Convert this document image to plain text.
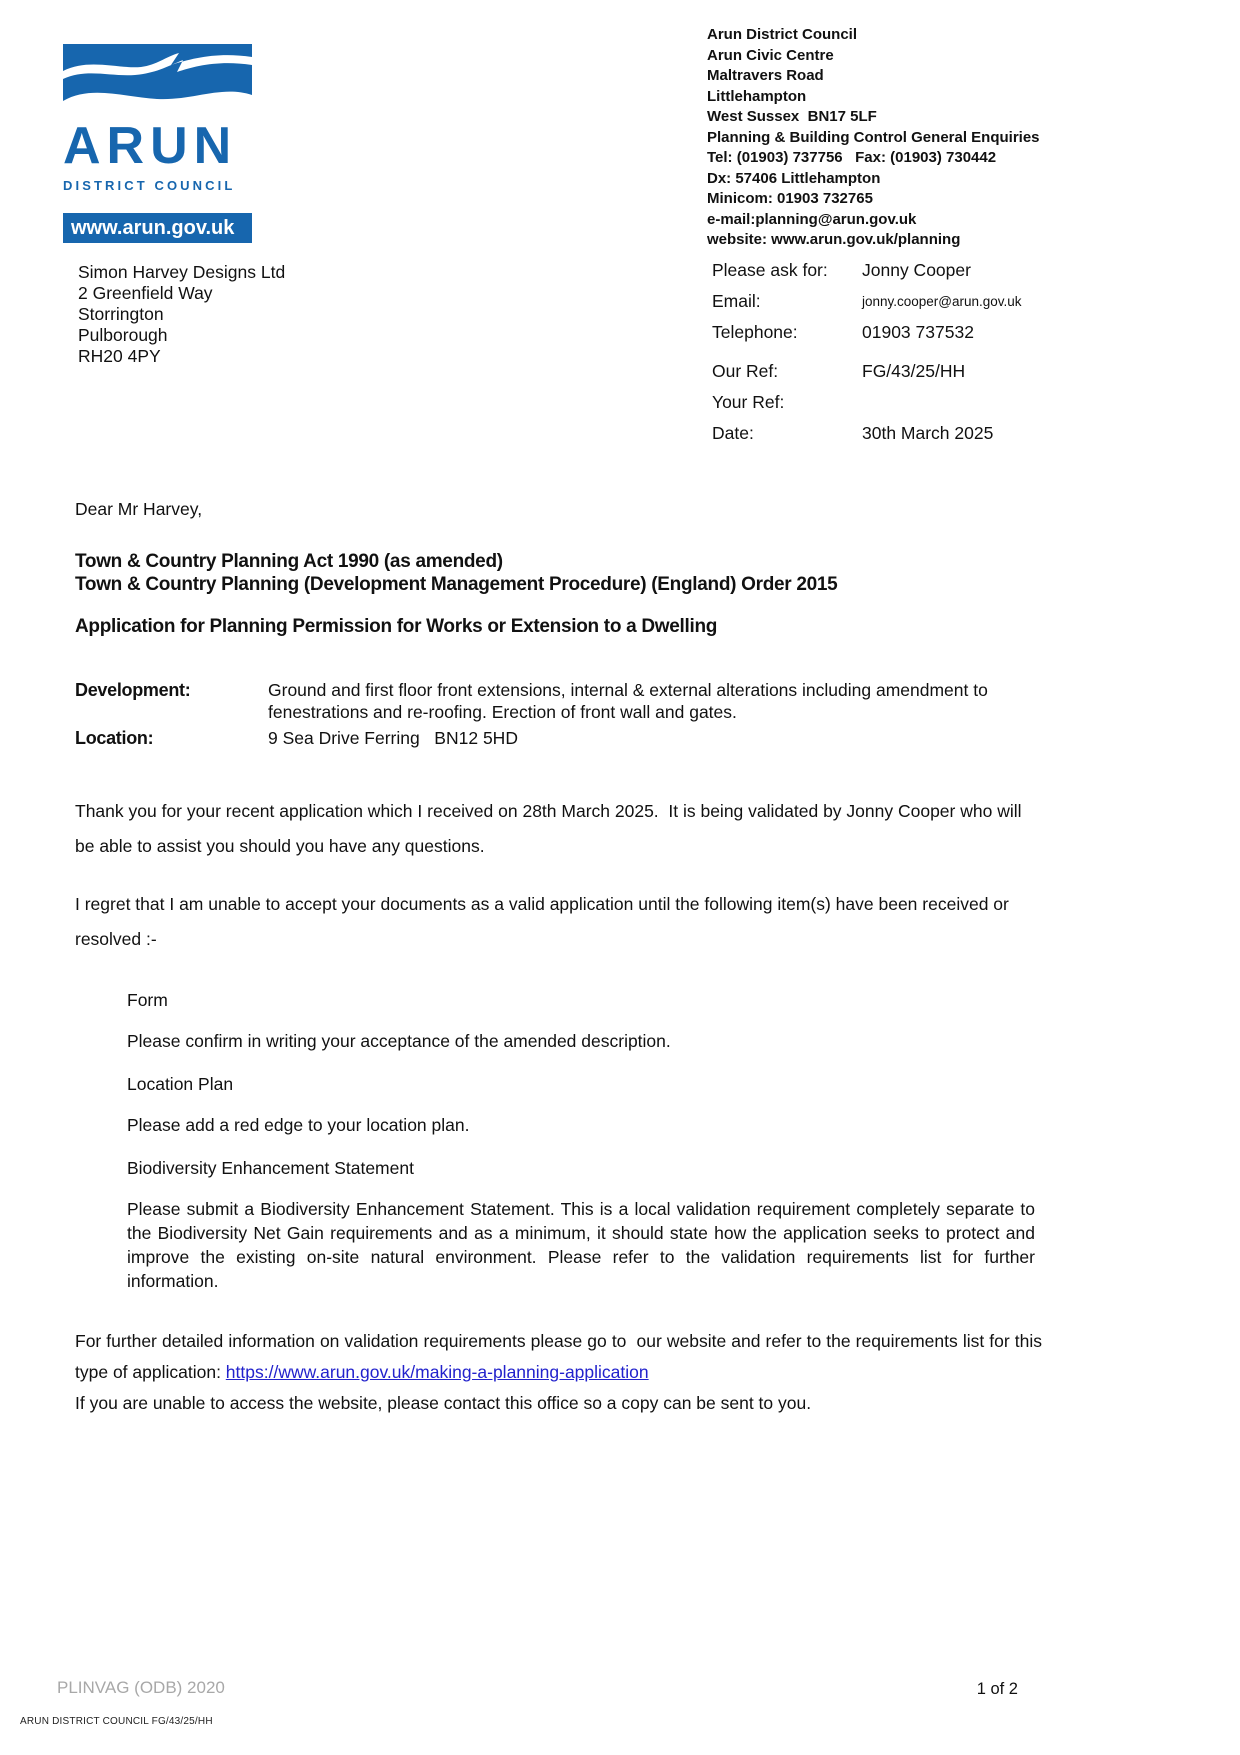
ARUN
DISTRICT COUNCIL
www.arun.gov.uk
Arun District Council
Arun Civic Centre
Maltravers Road
Littlehampton
West Sussex  BN17 5LF
Planning & Building Control General Enquiries
Tel: (01903) 737756   Fax: (01903) 730442
Dx: 57406 Littlehampton
Minicom: 01903 732765
e-mail:planning@arun.gov.uk
website: www.arun.gov.uk/planning
Simon Harvey Designs Ltd
2 Greenfield Way
Storrington
Pulborough
RH20 4PY
Please ask for:	Jonny Cooper
Email:	jonny.cooper@arun.gov.uk
Telephone:	01903 737532
Our Ref:	FG/43/25/HH
Your Ref:
Date:	30th March 2025

Dear Mr Harvey,

Town & Country Planning Act 1990 (as amended)
Town & Country Planning (Development Management Procedure) (England) Order 2015
Application for Planning Permission for Works or Extension to a Dwelling
Development:	Ground and first floor front extensions, internal & external alterations including amendment to fenestrations and re-roofing. Erection of front wall and gates.
Location:	9 Sea Drive Ferring   BN12 5HD

Thank you for your recent application which I received on 28th March 2025.  It is being validated by Jonny Cooper who will be able to assist you should you have any questions.

I regret that I am unable to accept your documents as a valid application until the following item(s) have been received or resolved :-

Form
Please confirm in writing your acceptance of the amended description.
Location Plan
Please add a red edge to your location plan.
Biodiversity Enhancement Statement
Please submit a Biodiversity Enhancement Statement. This is a local validation requirement completely separate to the Biodiversity Net Gain requirements and as a minimum, it should state how the application seeks to protect and improve the existing on-site natural environment. Please refer to the validation requirements list for further information.

For further detailed information on validation requirements please go to  our website and refer to the requirements list for this type of application: https://www.arun.gov.uk/making-a-planning-application
If you are unable to access the website, please contact this office so a copy can be sent to you.

PLINVAG (ODB) 2020	1 of 2
ARUN DISTRICT COUNCIL FG/43/25/HH
